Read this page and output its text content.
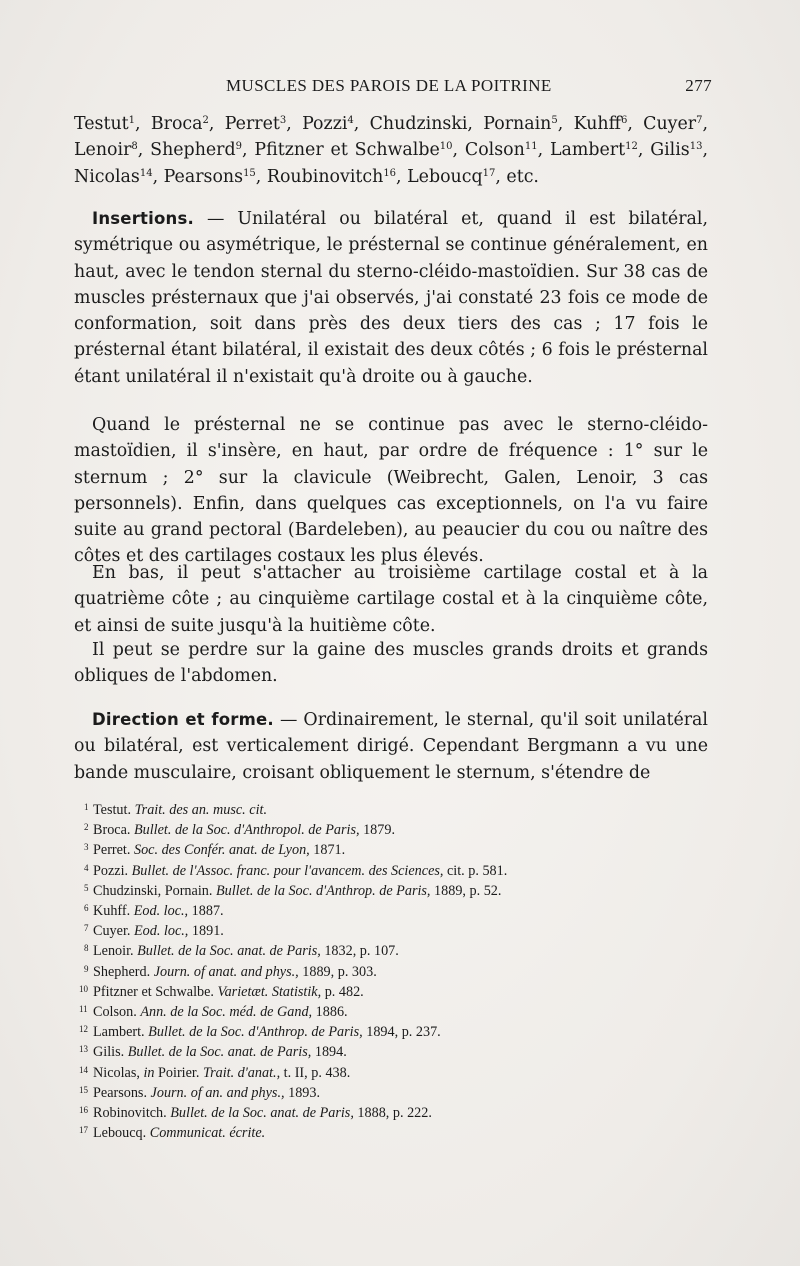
MUSCLES DES PAROIS DE LA POITRINE	277

Testut$^1$, Broca$^2$, Perret$^3$, Pozzi$^4$, Chudzinski, Pornain$^5$, Kuhff$^6$, Cuyer$^7$, Lenoir$^8$, Shepherd$^9$, Pfitzner et Schwalbe$^{10}$, Colson$^{11}$, Lambert$^{12}$, Gilis$^{13}$, Nicolas$^{14}$, Pearsons$^{15}$, Roubinovitch$^{16}$, Leboucq$^{17}$, etc.

Insertions. — Unilatéral ou bilatéral et, quand il est bilatéral, symétrique ou asymétrique, le présternal se continue généralement, en haut, avec le tendon sternal du sterno-cléido-mastoïdien. Sur 38 cas de muscles présternaux que j'ai observés, j'ai constaté 23 fois ce mode de conformation, soit dans près des deux tiers des cas ; 17 fois le présternal étant bilatéral, il existait des deux côtés ; 6 fois le présternal étant unilatéral il n'existait qu'à droite ou à gauche.

Quand le présternal ne se continue pas avec le sterno-cléido-mastoïdien, il s'insère, en haut, par ordre de fréquence : 1° sur le sternum ; 2° sur la clavicule (Weibrecht, Galen, Lenoir, 3 cas personnels). Enfin, dans quelques cas exceptionnels, on l'a vu faire suite au grand pectoral (Bardeleben), au peaucier du cou ou naître des côtes et des cartilages costaux les plus élevés.

En bas, il peut s'attacher au troisième cartilage costal et à la quatrième côte ; au cinquième cartilage costal et à la cinquième côte, et ainsi de suite jusqu'à la huitième côte.

Il peut se perdre sur la gaine des muscles grands droits et grands obliques de l'abdomen.

Direction et forme. — Ordinairement, le sternal, qu'il soit unilatéral ou bilatéral, est verticalement dirigé. Cependant Bergmann a vu une bande musculaire, croisant obliquement le sternum, s'étendre de

1 Testut. Trait. des an. musc. cit.
2 Broca. Bullet. de la Soc. d'Anthropol. de Paris, 1879.
3 Perret. Soc. des Confér. anat. de Lyon, 1871.
4 Pozzi. Bullet. de l'Assoc. franc. pour l'avancem. des Sciences, cit. p. 581.
5 Chudzinski, Pornain. Bullet. de la Soc. d'Anthrop. de Paris, 1889, p. 52.
6 Kuhff. Eod. loc., 1887.
7 Cuyer. Eod. loc., 1891.
8 Lenoir. Bullet. de la Soc. anat. de Paris, 1832, p. 107.
9 Shepherd. Journ. of anat. and phys., 1889, p. 303.
10 Pfitzner et Schwalbe. Varietæt. Statistik, p. 482.
11 Colson. Ann. de la Soc. méd. de Gand, 1886.
12 Lambert. Bullet. de la Soc. d'Anthrop. de Paris, 1894, p. 237.
13 Gilis. Bullet. de la Soc. anat. de Paris, 1894.
14 Nicolas, in Poirier. Trait. d'anat., t. II, p. 438.
15 Pearsons. Journ. of an. and phys., 1893.
16 Robinovitch. Bullet. de la Soc. anat. de Paris, 1888, p. 222.
17 Leboucq. Communicat. écrite.
